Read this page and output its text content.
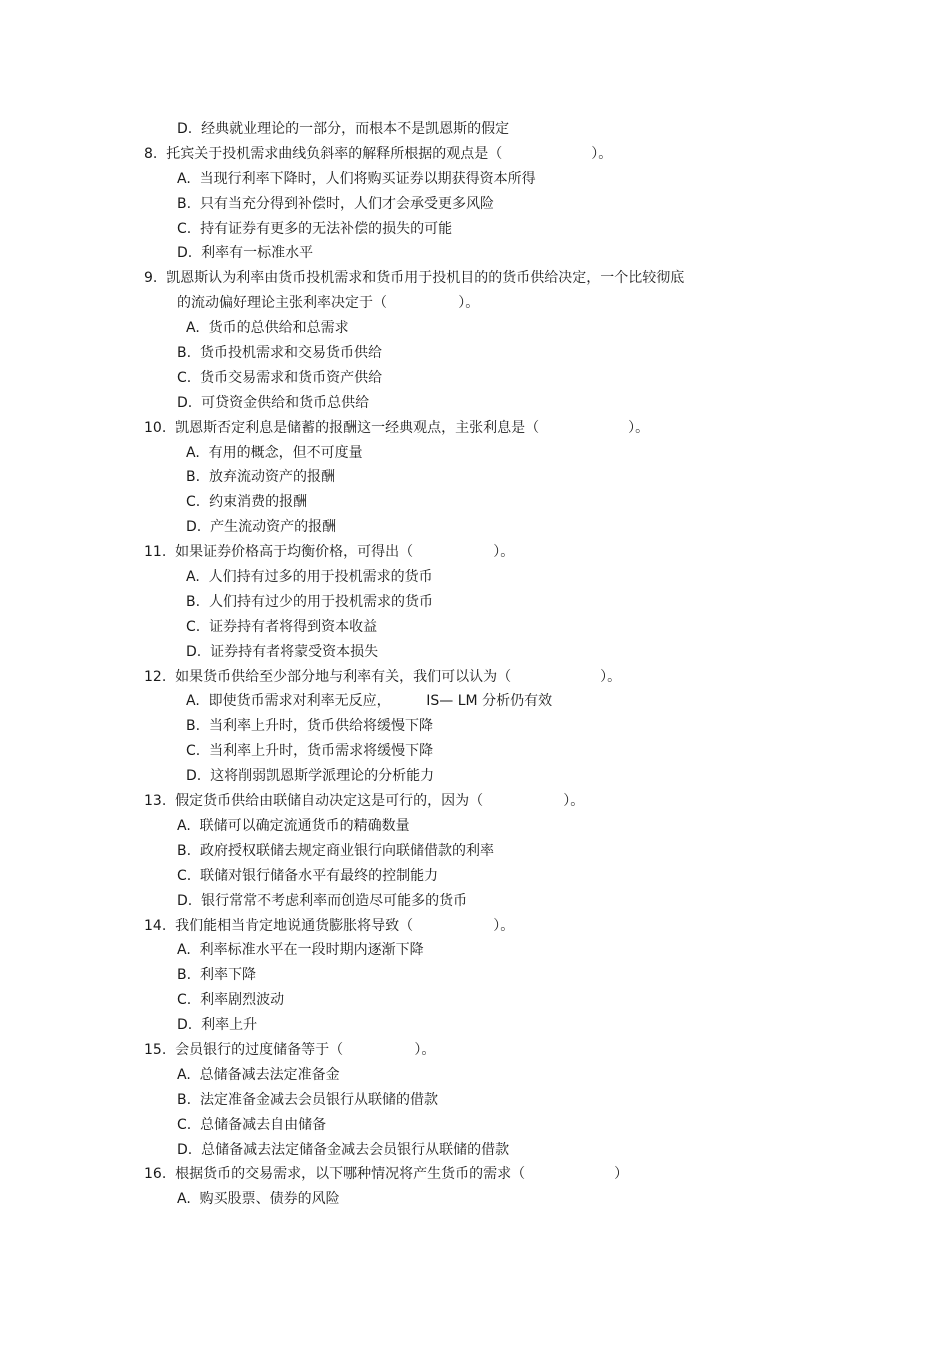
D.  经典就业理论的一部分，而根本不是凯恩斯的假定
8.  托宾关于投机需求曲线负斜率的解释所根据的观点是（                    ）。
A.  当现行利率下降时，人们将购买证券以期获得资本所得
B.  只有当充分得到补偿时，人们才会承受更多风险
C.  持有证券有更多的无法补偿的损失的可能
D.  利率有一标准水平
9.  凯恩斯认为利率由货币投机需求和货币用于投机目的的货币供给决定，一个比较彻底
的流动偏好理论主张利率决定于（                ）。
A.  货币的总供给和总需求
B.  货币投机需求和交易货币供给
C.  货币交易需求和货币资产供给
D.  可贷资金供给和货币总供给
10.  凯恩斯否定利息是储蓄的报酬这一经典观点，主张利息是（                    ）。
A.  有用的概念，但不可度量
B.  放弃流动资产的报酬
C.  约束消费的报酬
D.  产生流动资产的报酬
11.  如果证券价格高于均衡价格，可得出（                  ）。
A.  人们持有过多的用于投机需求的货币
B.  人们持有过少的用于投机需求的货币
C.  证券持有者将得到资本收益
D.  证券持有者将蒙受资本损失
12.  如果货币供给至少部分地与利率有关，我们可以认为（                    ）。
A.  即使货币需求对利率无反应，        IS— LM 分析仍有效
B.  当利率上升时，货币供给将缓慢下降
C.  当利率上升时，货币需求将缓慢下降
D.  这将削弱凯恩斯学派理论的分析能力
13.  假定货币供给由联储自动决定这是可行的，因为（                  ）。
A.  联储可以确定流通货币的精确数量
B.  政府授权联储去规定商业银行向联储借款的利率
C.  联储对银行储备水平有最终的控制能力
D.  银行常常不考虑利率而创造尽可能多的货币
14.  我们能相当肯定地说通货膨胀将导致（                  ）。
A.  利率标准水平在一段时期内逐渐下降
B.  利率下降
C.  利率剧烈波动
D.  利率上升
15.  会员银行的过度储备等于（                ）。
A.  总储备减去法定准备金
B.  法定准备金减去会员银行从联储的借款
C.  总储备减去自由储备
D.  总储备减去法定储备金减去会员银行从联储的借款
16.  根据货币的交易需求，以下哪种情况将产生货币的需求（                    ）
A.  购买股票、债券的风险
